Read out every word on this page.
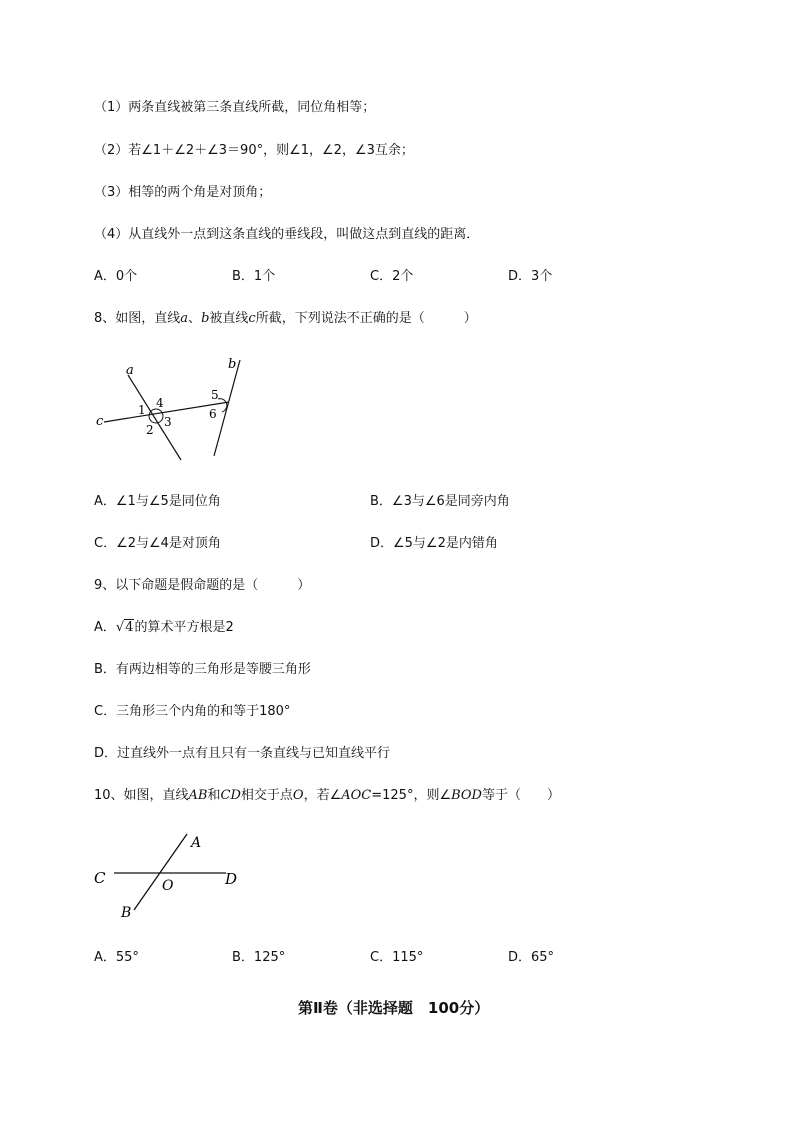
（1）两条直线被第三条直线所截，同位角相等；
（2）若∠1＋∠2＋∠3＝90°，则∠1，∠2，∠3互余；
（3）相等的两个角是对顶角；
（4）从直线外一点到这条直线的垂线段，叫做这点到直线的距离．
A．0个	B．1个	C．2个	D．3个
8、如图，直线a、b被直线c所截，下列说法不正确的是（　　　）
a	b
c
1
2
3
4
5
6
A．∠1与∠5是同位角	B．∠3与∠6是同旁内角
C．∠2与∠4是对顶角	D．∠5与∠2是内错角
9、以下命题是假命题的是（　　　）
A．√4的算术平方根是2
B．有两边相等的三角形是等腰三角形
C．三角形三个内角的和等于180°
D．过直线外一点有且只有一条直线与已知直线平行
10、如图，直线AB和CD相交于点O，若∠AOC=125°，则∠BOD等于（　　）
A
B
C	D
O
A．55°	B．125°	C．115°	D．65°
第Ⅱ卷（非选择题　100分）
